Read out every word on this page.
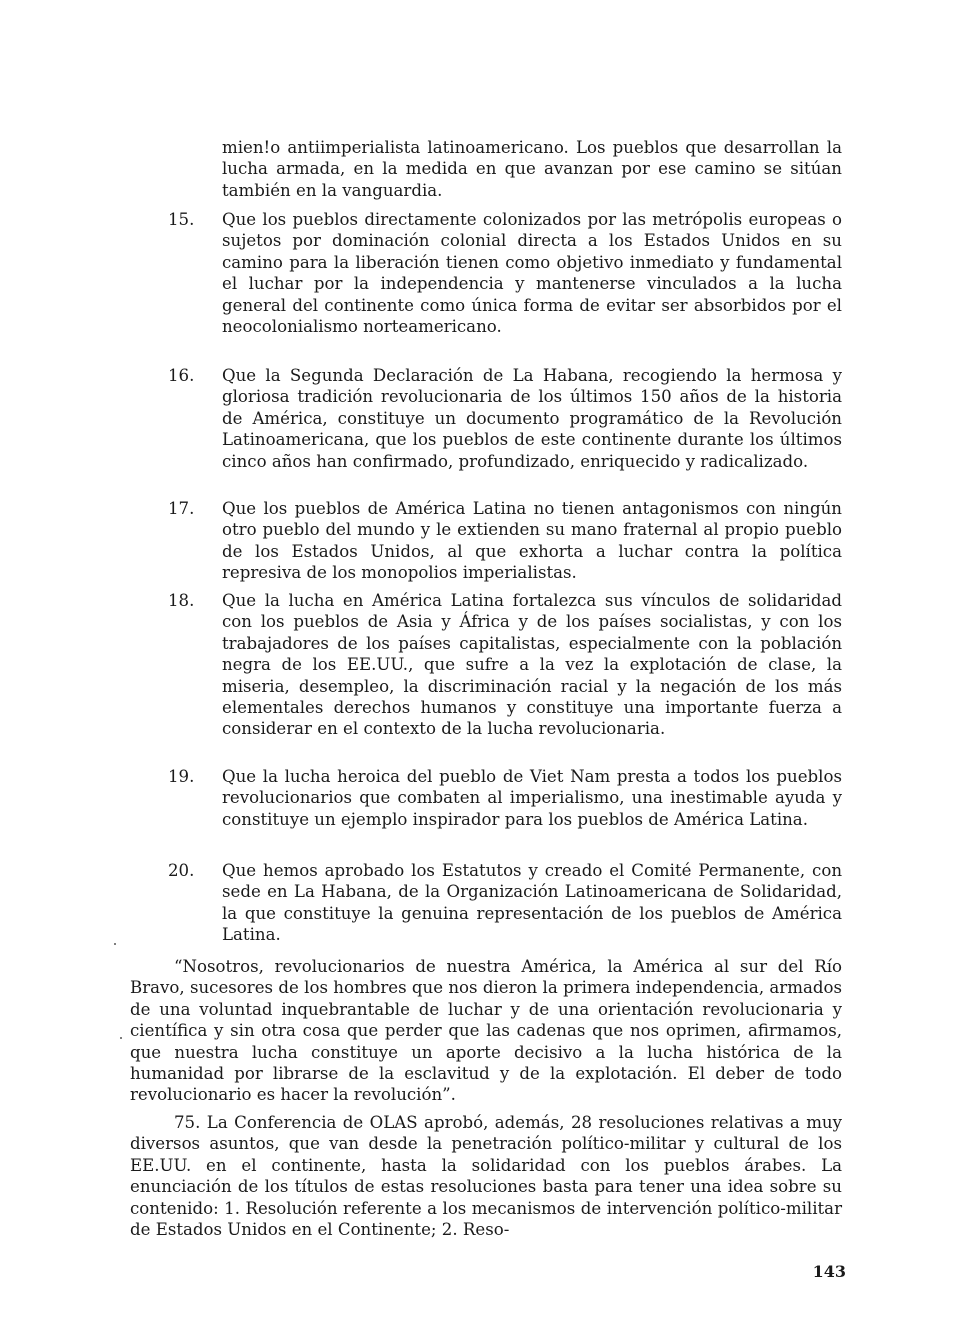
mien!o antiimperialista latinoamericano. Los pueblos que desarrollan la lucha armada, en la medida en que avanzan por ese camino se sitúan también en la vanguardia.

15.	Que los pueblos directamente colonizados por las metrópolis europeas o sujetos por dominación colonial directa a los Estados Unidos en su camino para la liberación tienen como objetivo inmediato y fundamental el luchar por la independencia y mantenerse vinculados a la lucha general del continente como única forma de evitar ser absorbidos por el neocolonialismo norteamericano.
16.	Que la Segunda Declaración de La Habana, recogiendo la hermosa y gloriosa tradición revolucionaria de los últimos 150 años de la historia de América, constituye un documento programático de la Revolución Latinoamericana, que los pueblos de este continente durante los últimos cinco años han confirmado, profundizado, enriquecido y radicalizado.
17.	Que los pueblos de América Latina no tienen antagonismos con ningún otro pueblo del mundo y le extienden su mano fraternal al propio pueblo de los Estados Unidos, al que exhorta a luchar contra la política represiva de los monopolios imperialistas.
18.	Que la lucha en América Latina fortalezca sus vínculos de solidaridad con los pueblos de Asia y África y de los países socialistas, y con los trabajadores de los países capitalistas, especialmente con la población negra de los EE.UU., que sufre a la vez la explotación de clase, la miseria, desempleo, la discriminación racial y la negación de los más elementales derechos humanos y constituye una importante fuerza a considerar en el contexto de la lucha revolucionaria.
19.	Que la lucha heroica del pueblo de Viet Nam presta a todos los pueblos revolucionarios que combaten al imperialismo, una inestimable ayuda y constituye un ejemplo inspirador para los pueblos de América Latina.
20.	Que hemos aprobado los Estatutos y creado el Comité Permanente, con sede en La Habana, de la Organización Latinoamericana de Solidaridad, la que constituye la genuina representación de los pueblos de América Latina.

“Nosotros, revolucionarios de nuestra América, la América al sur del Río Bravo, sucesores de los hombres que nos dieron la primera independencia, armados de una voluntad inquebrantable de luchar y de una orientación revolucionaria y científica y sin otra cosa que perder que las cadenas que nos oprimen, afirmamos, que nuestra lucha constituye un aporte decisivo a la lucha histórica de la humanidad por librarse de la esclavitud y de la explotación. El deber de todo revolucionario es hacer la revolución”.

75. La Conferencia de OLAS aprobó, además, 28 resoluciones relativas a muy diversos asuntos, que van desde la penetración político-militar y cultural de los EE.UU. en el continente, hasta la solidaridad con los pueblos árabes. La enunciación de los títulos de estas resoluciones basta para tener una idea sobre su contenido: 1. Resolución referente a los mecanismos de intervención político-militar de Estados Unidos en el Continente; 2. Reso-

143
